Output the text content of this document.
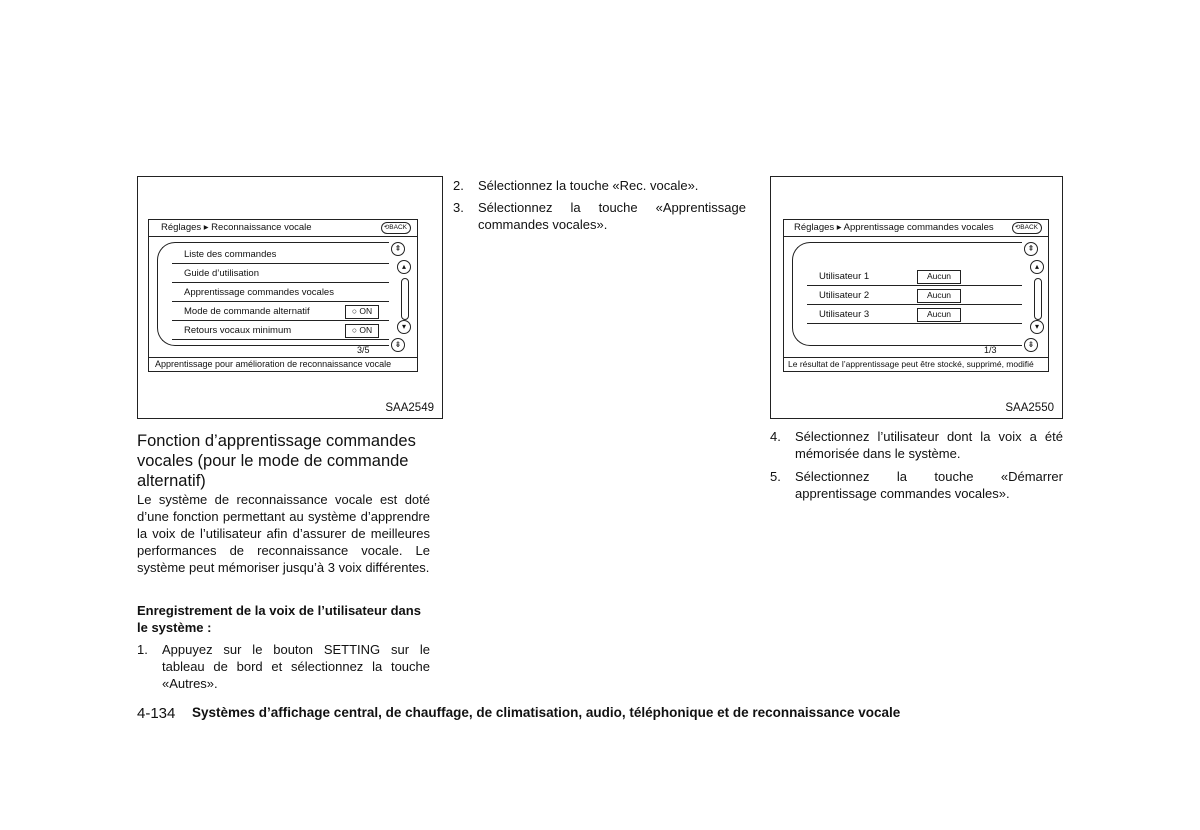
Réglages ▸ Reconnaissance vocale	⟲BACK
Liste des commandes
Guide d’utilisation
Apprentissage commandes vocales
Mode de commande alternatif	○ ON
Retours vocaux minimum	○ ON
3/5
⇞
▴
▾
⇟
Apprentissage pour amélioration de reconnaissance vocale
SAA2549
Réglages ▸ Apprentissage commandes vocales	⟲BACK
Utilisateur 1	Aucun
Utilisateur 2	Aucun
Utilisateur 3	Aucun
1/3
⇞
▴
▾
⇟
Le résultat de l’apprentissage peut être stocké, supprimé, modifié
SAA2550
Fonction d’apprentissage commandes vocales (pour le mode de commande alternatif)
Le système de reconnaissance vocale est doté d’une fonction permettant au système d’apprendre la voix de l’utilisateur afin d’assurer de meilleures performances de reconnaissance vocale. Le système peut mémoriser jusqu’à 3 voix différentes.
Enregistrement de la voix de l’utilisateur dans le système :
1. Appuyez sur le bouton SETTING sur le tableau de bord et sélectionnez la touche «Autres».
2. Sélectionnez la touche «Rec. vocale».
3. Sélectionnez la touche «Apprentissage commandes vocales».
4. Sélectionnez l’utilisateur dont la voix a été mémorisée dans le système.
5. Sélectionnez la touche «Démarrer apprentissage commandes vocales».
4-134 Systèmes d’affichage central, de chauffage, de climatisation, audio, téléphonique et de reconnaissance vocale
